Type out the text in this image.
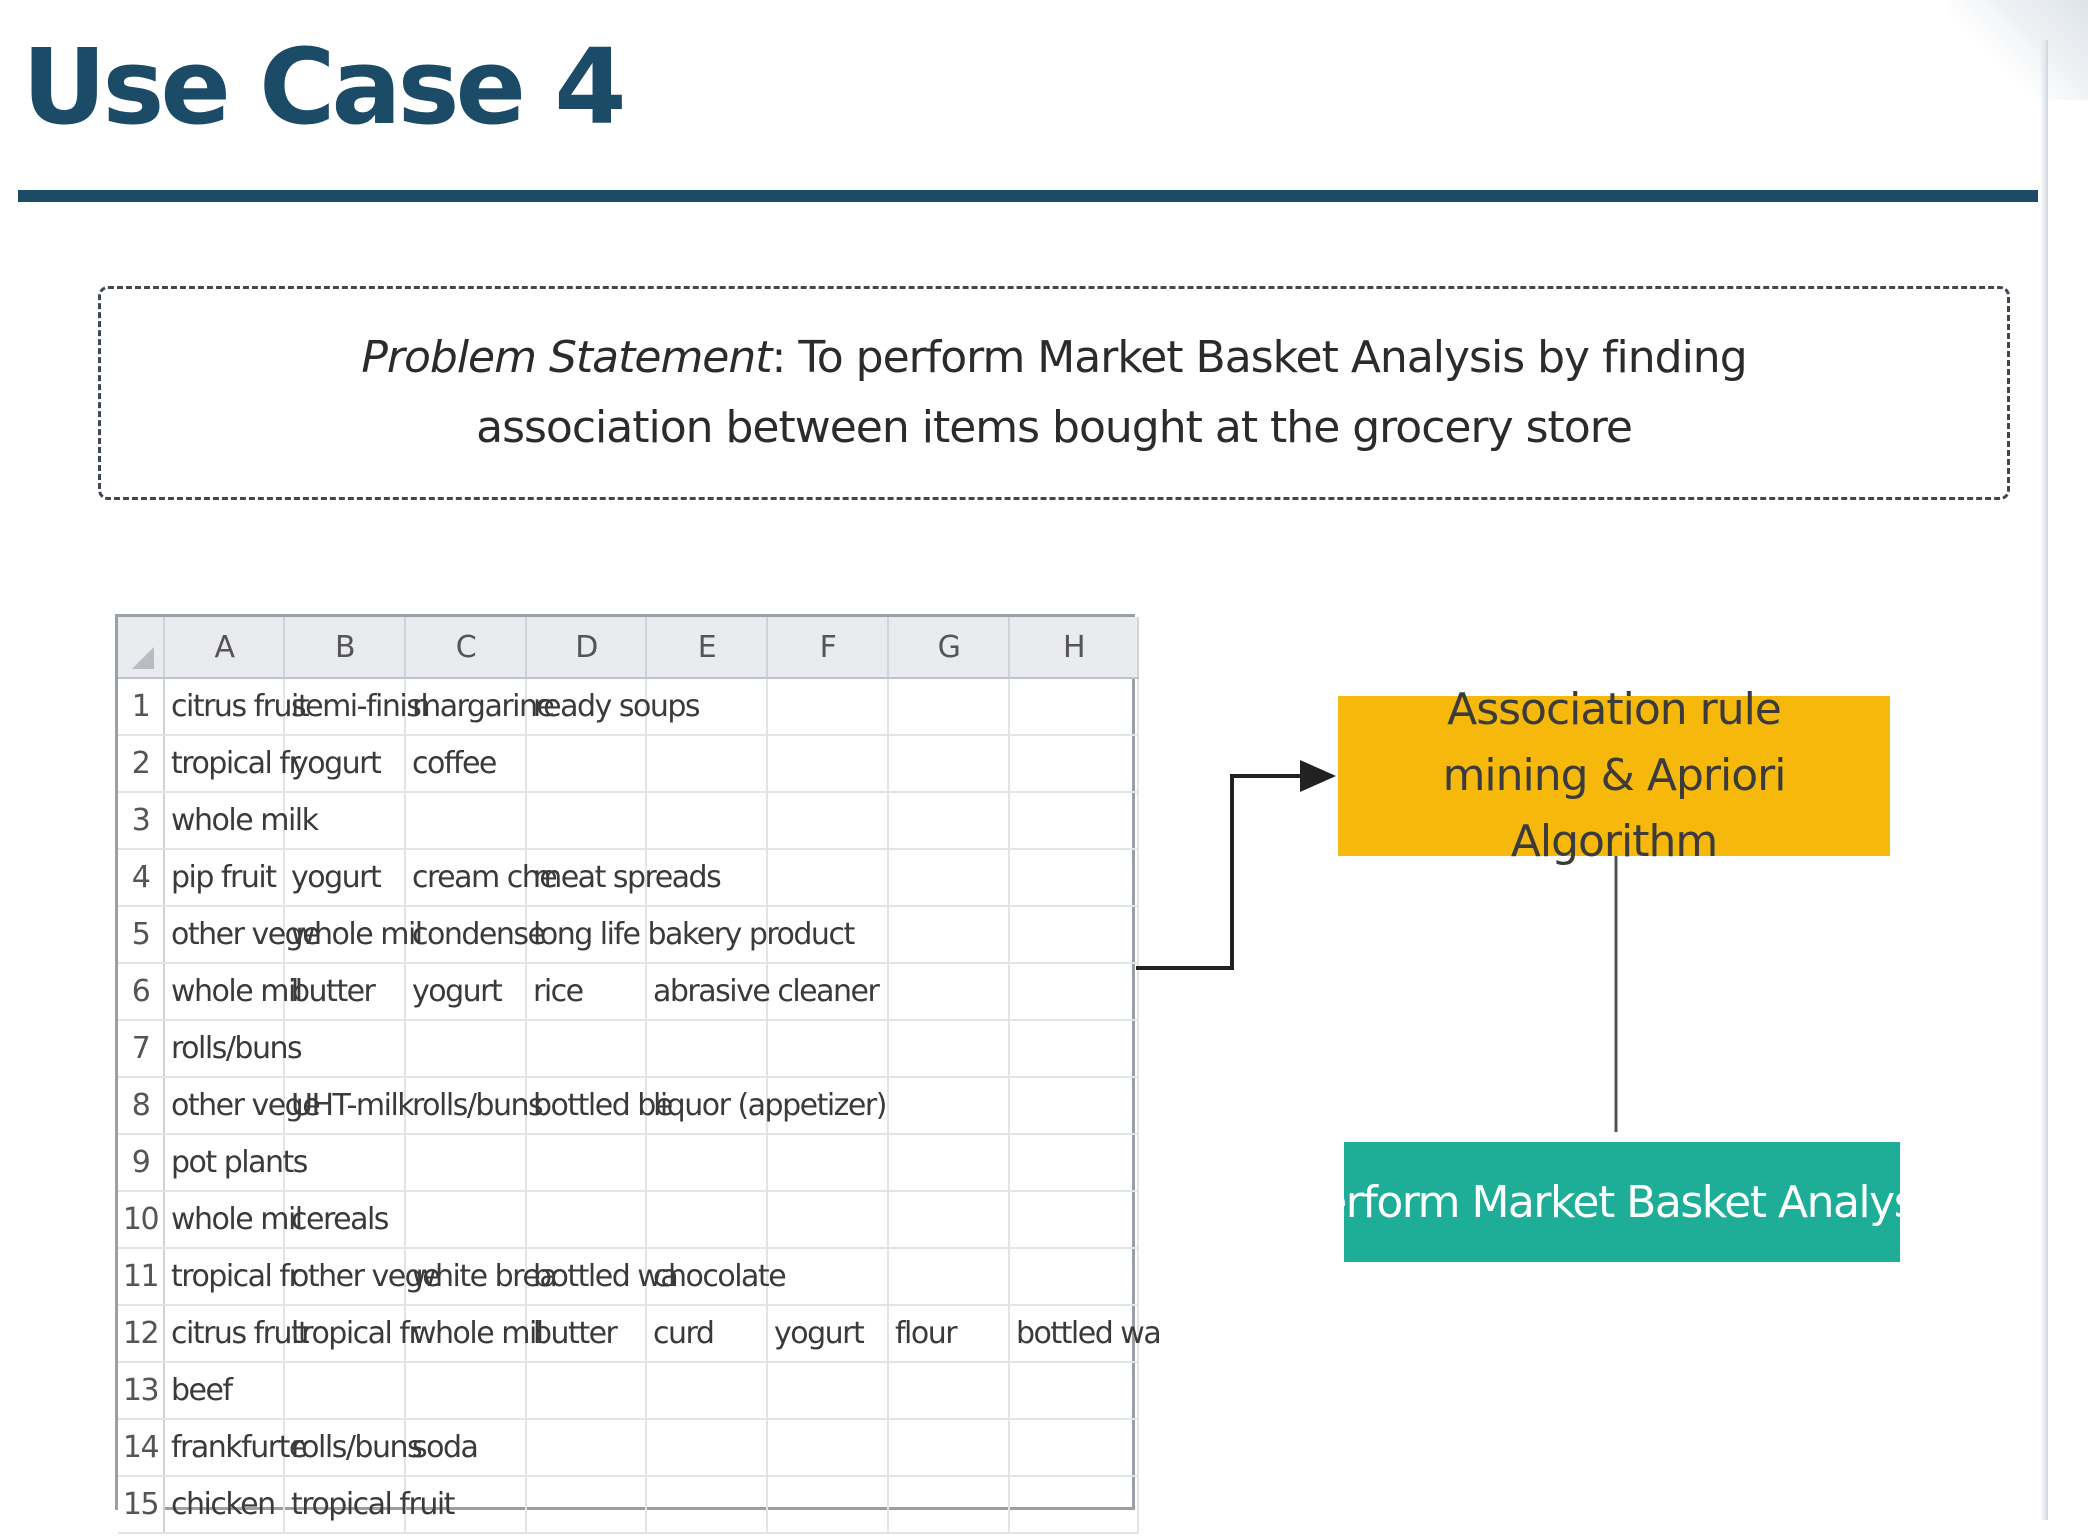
Use Case 4
Problem Statement: To perform Market Basket Analysis by finding association between items bought at the grocery store
	A	B	C	D	E	F	G	H
1	citrus fruit	semi-finisl	margarine	ready soups				
2	tropical fr	yogurt	coffee					
3	whole milk							
4	pip fruit	yogurt	cream che	meat spreads				
5	other vege	whole mil	condense	long life bakery product				
6	whole mil	butter	yogurt	rice	abrasive cleaner			
7	rolls/buns							
8	other vege	UHT-milk	rolls/buns	bottled be	liquor (appetizer)			
9	pot plants							
10	whole mil	cereals						
11	tropical fr	other vege	white brea	bottled wa	chocolate			
12	citrus fruit	tropical fr	whole mil	butter	curd	yogurt	flour	bottled wa
13	beef							
14	frankfurte	rolls/buns	soda					
15	chicken	tropical fruit						
Association rule mining & Apriori Algorithm
Perform Market Basket Analysis
